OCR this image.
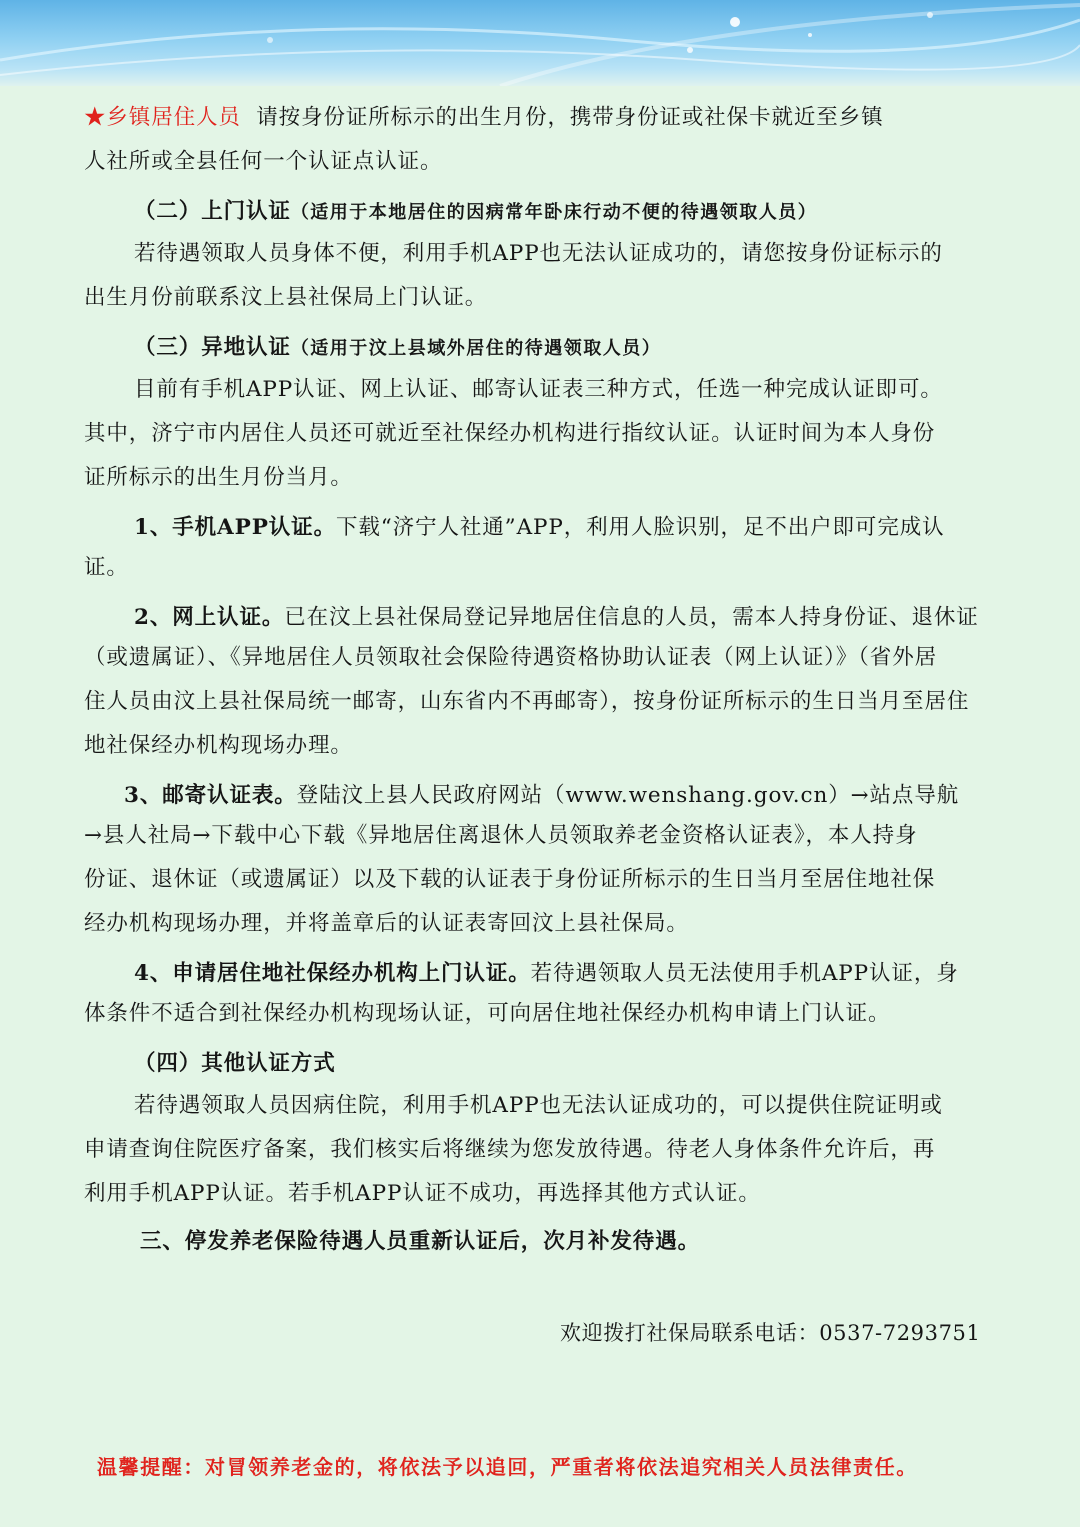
★乡镇居住人员 请按身份证所标示的出生月份，携带身份证或社保卡就近至乡镇
人社所或全县任何一个认证点认证。
（二）上门认证（适用于本地居住的因病常年卧床行动不便的待遇领取人员）
若待遇领取人员身体不便，利用手机APP也无法认证成功的，请您按身份证标示的
出生月份前联系汶上县社保局上门认证。
（三）异地认证（适用于汶上县域外居住的待遇领取人员）
目前有手机APP认证、网上认证、邮寄认证表三种方式，任选一种完成认证即可。
其中，济宁市内居住人员还可就近至社保经办机构进行指纹认证。认证时间为本人身份
证所标示的出生月份当月。
1、手机APP认证。下载“济宁人社通”APP，利用人脸识别，足不出户即可完成认
证。
2、网上认证。已在汶上县社保局登记异地居住信息的人员，需本人持身份证、退休证
（或遗属证）、《异地居住人员领取社会保险待遇资格协助认证表（网上认证）》（省外居
住人员由汶上县社保局统一邮寄，山东省内不再邮寄），按身份证所标示的生日当月至居住
地社保经办机构现场办理。
3、邮寄认证表。登陆汶上县人民政府网站（www.wenshang.gov.cn）→站点导航
→县人社局→下载中心下载《异地居住离退休人员领取养老金资格认证表》，本人持身
份证、退休证（或遗属证）以及下载的认证表于身份证所标示的生日当月至居住地社保
经办机构现场办理，并将盖章后的认证表寄回汶上县社保局。
4、申请居住地社保经办机构上门认证。若待遇领取人员无法使用手机APP认证，身
体条件不适合到社保经办机构现场认证，可向居住地社保经办机构申请上门认证。
（四）其他认证方式
若待遇领取人员因病住院，利用手机APP也无法认证成功的，可以提供住院证明或
申请查询住院医疗备案，我们核实后将继续为您发放待遇。待老人身体条件允许后，再
利用手机APP认证。若手机APP认证不成功，再选择其他方式认证。
三、停发养老保险待遇人员重新认证后，次月补发待遇。
欢迎拨打社保局联系电话：0537-7293751
温馨提醒：对冒领养老金的，将依法予以追回，严重者将依法追究相关人员法律责任。
